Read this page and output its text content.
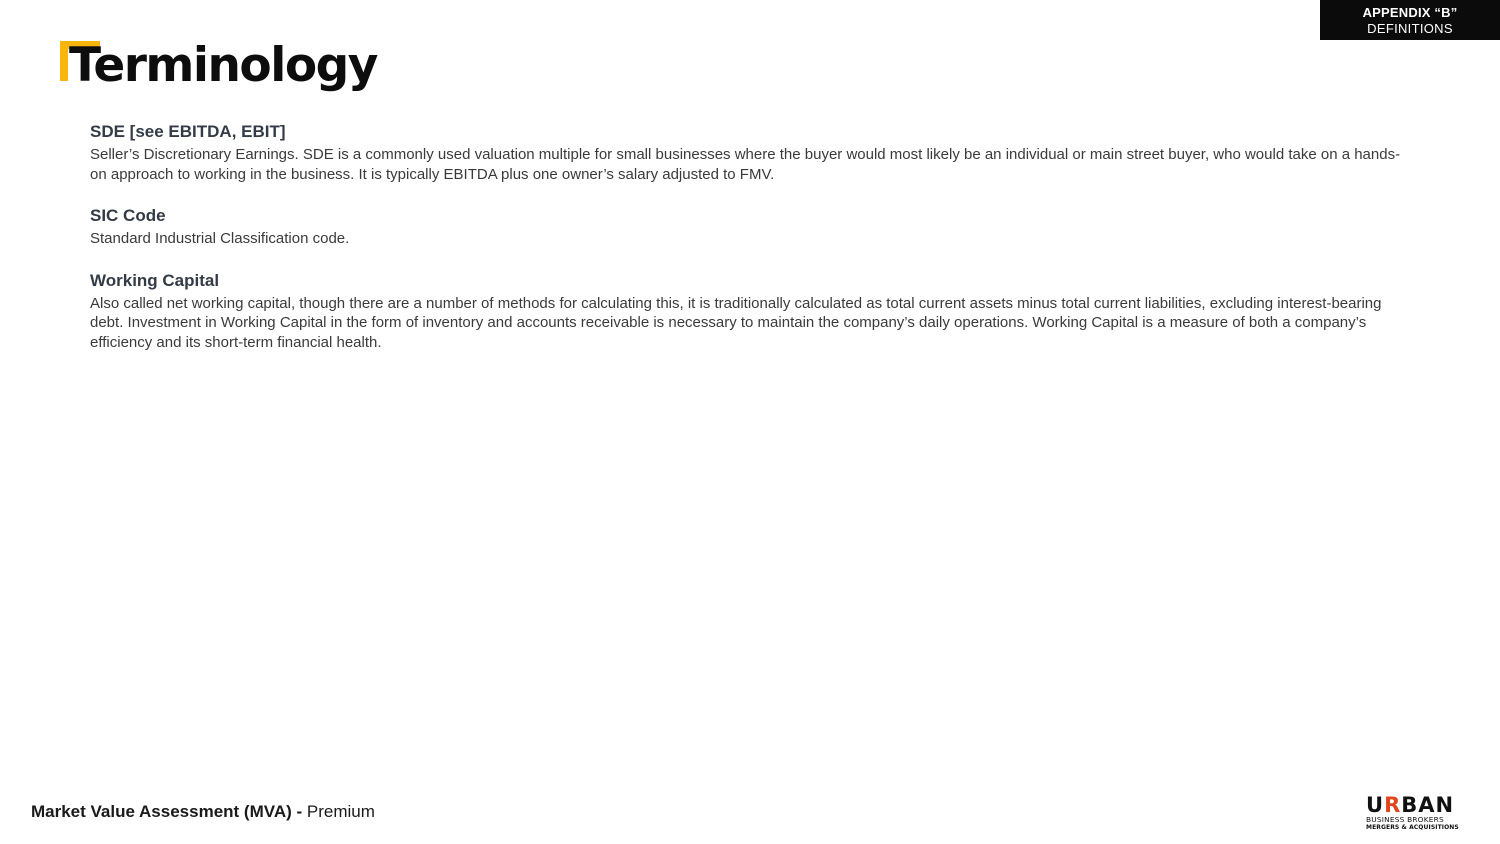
APPENDIX “B”
DEFINITIONS
Terminology
SDE [see EBITDA, EBIT]
Seller’s Discretionary Earnings. SDE is a commonly used valuation multiple for small businesses where the buyer would most likely be an individual or main street buyer, who would take on a hands-on approach to working in the business. It is typically EBITDA plus one owner’s salary adjusted to FMV.
SIC Code
Standard Industrial Classification code.
Working Capital
Also called net working capital, though there are a number of methods for calculating this, it is traditionally calculated as total current assets minus total current liabilities, excluding interest-bearing debt. Investment in Working Capital in the form of inventory and accounts receivable is necessary to maintain the company’s daily operations. Working Capital is a measure of both a company’s efficiency and its short-term financial health.
Market Value Assessment (MVA) - Premium	URBAN
BUSINESS BROKERS
MERGERS & ACQUISITIONS
